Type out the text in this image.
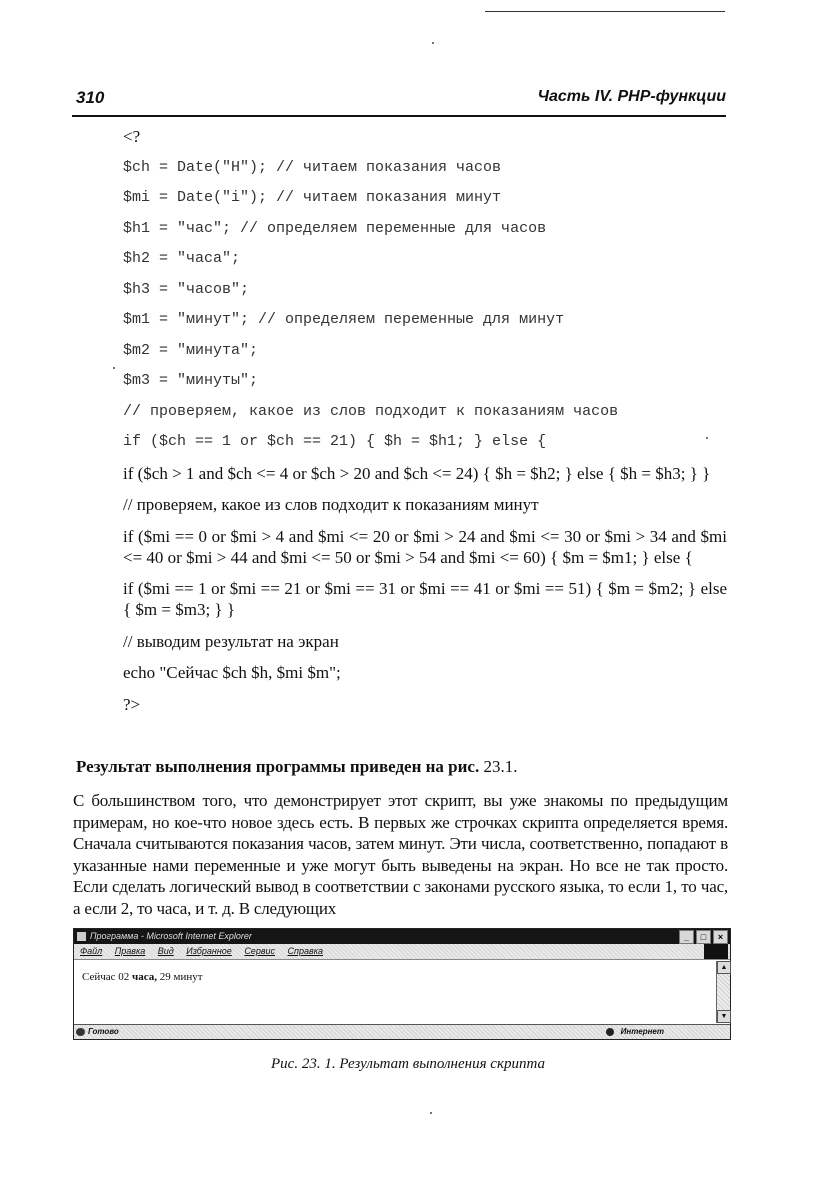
310	Часть IV. PHP-функции
<?
$ch = Date("H"); // читаем показания часов
$mi = Date("i"); // читаем показания минут
$h1 = "час"; // определяем переменные для часов
$h2 = "часа";
$h3 = "часов";
$m1 = "минут"; // определяем переменные для минут
$m2 = "минута";
$m3 = "минуты";
// проверяем, какое из слов подходит к показаниям часов
if ($ch == 1 or $ch == 21) { $h = $h1; } else {
if ($ch > 1 and $ch <= 4 or $ch > 20 and $ch <= 24) { $h = $h2; } else { $h = $h3; } }
// проверяем, какое из слов подходит к показаниям минут
if ($mi == 0 or $mi > 4 and $mi <= 20 or $mi > 24 and $mi <= 30 or $mi > 34 and $mi <= 40 or $mi > 44 and $mi <= 50 or $mi > 54 and $mi <= 60) { $m = $m1; } else {
if ($mi == 1 or $mi == 21 or $mi == 31 or $mi == 41 or $mi == 51) { $m = $m2; } else { $m = $m3; } }
// выводим результат на экран
echo "Сейчас $ch $h, $mi $m";
?>
Результат выполнения программы приведен на рис. 23.1.
С большинством того, что демонстрирует этот скрипт, вы уже знакомы по предыдущим примерам, но кое-что новое здесь есть. В первых же строчках скрипта определяется время. Сначала считываются показания часов, затем минут. Эти числа, соответственно, попадают в указанные нами переменные и уже могут быть выведены на экран. Но все не так просто. Если сделать логический вывод в соответствии с законами русского языка, то если 1, то час, а если 2, то часа, и т. д. В следующих
Программа - Microsoft Internet Explorer	_	□	×
Файл Правка Вид Избранное Сервис Справка
Сейчас 02 часа, 29 минут
▲
▼
Готово	Интернет
Рис. 23. 1. Результат выполнения скрипта
